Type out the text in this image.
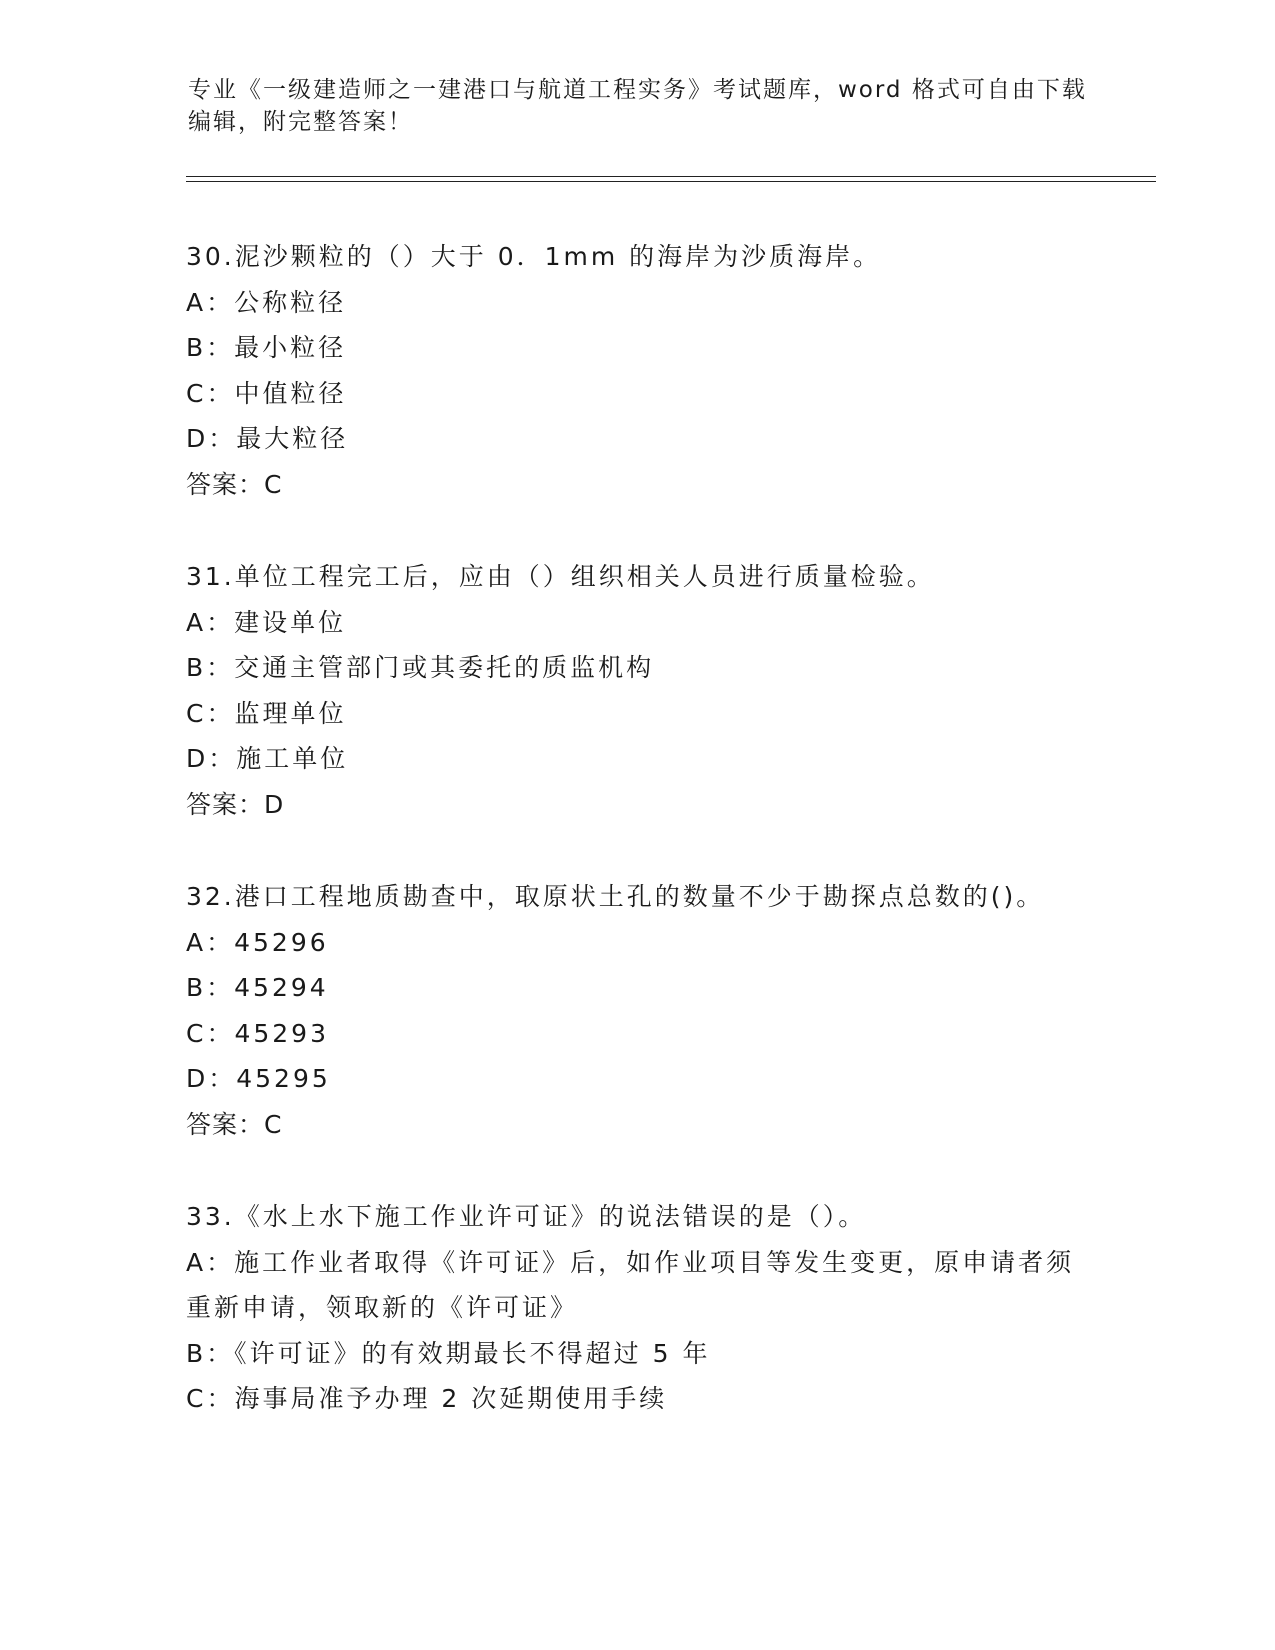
专业《一级建造师之一建港口与航道工程实务》考试题库，word 格式可自由下载编辑，附完整答案！
30.泥沙颗粒的（）大于 0．1mm 的海岸为沙质海岸。
A：公称粒径
B：最小粒径
C：中值粒径
D：最大粒径
答案：C
31.单位工程完工后，应由（）组织相关人员进行质量检验。
A：建设单位
B：交通主管部门或其委托的质监机构
C：监理单位
D：施工单位
答案：D
32.港口工程地质勘查中，取原状土孔的数量不少于勘探点总数的()。
A：45296
B：45294
C：45293
D：45295
答案：C
33.《水上水下施工作业许可证》的说法错误的是（）。
A：施工作业者取得《许可证》后，如作业项目等发生变更，原申请者须重新申请，领取新的《许可证》
B：《许可证》的有效期最长不得超过 5 年
C：海事局准予办理 2 次延期使用手续
